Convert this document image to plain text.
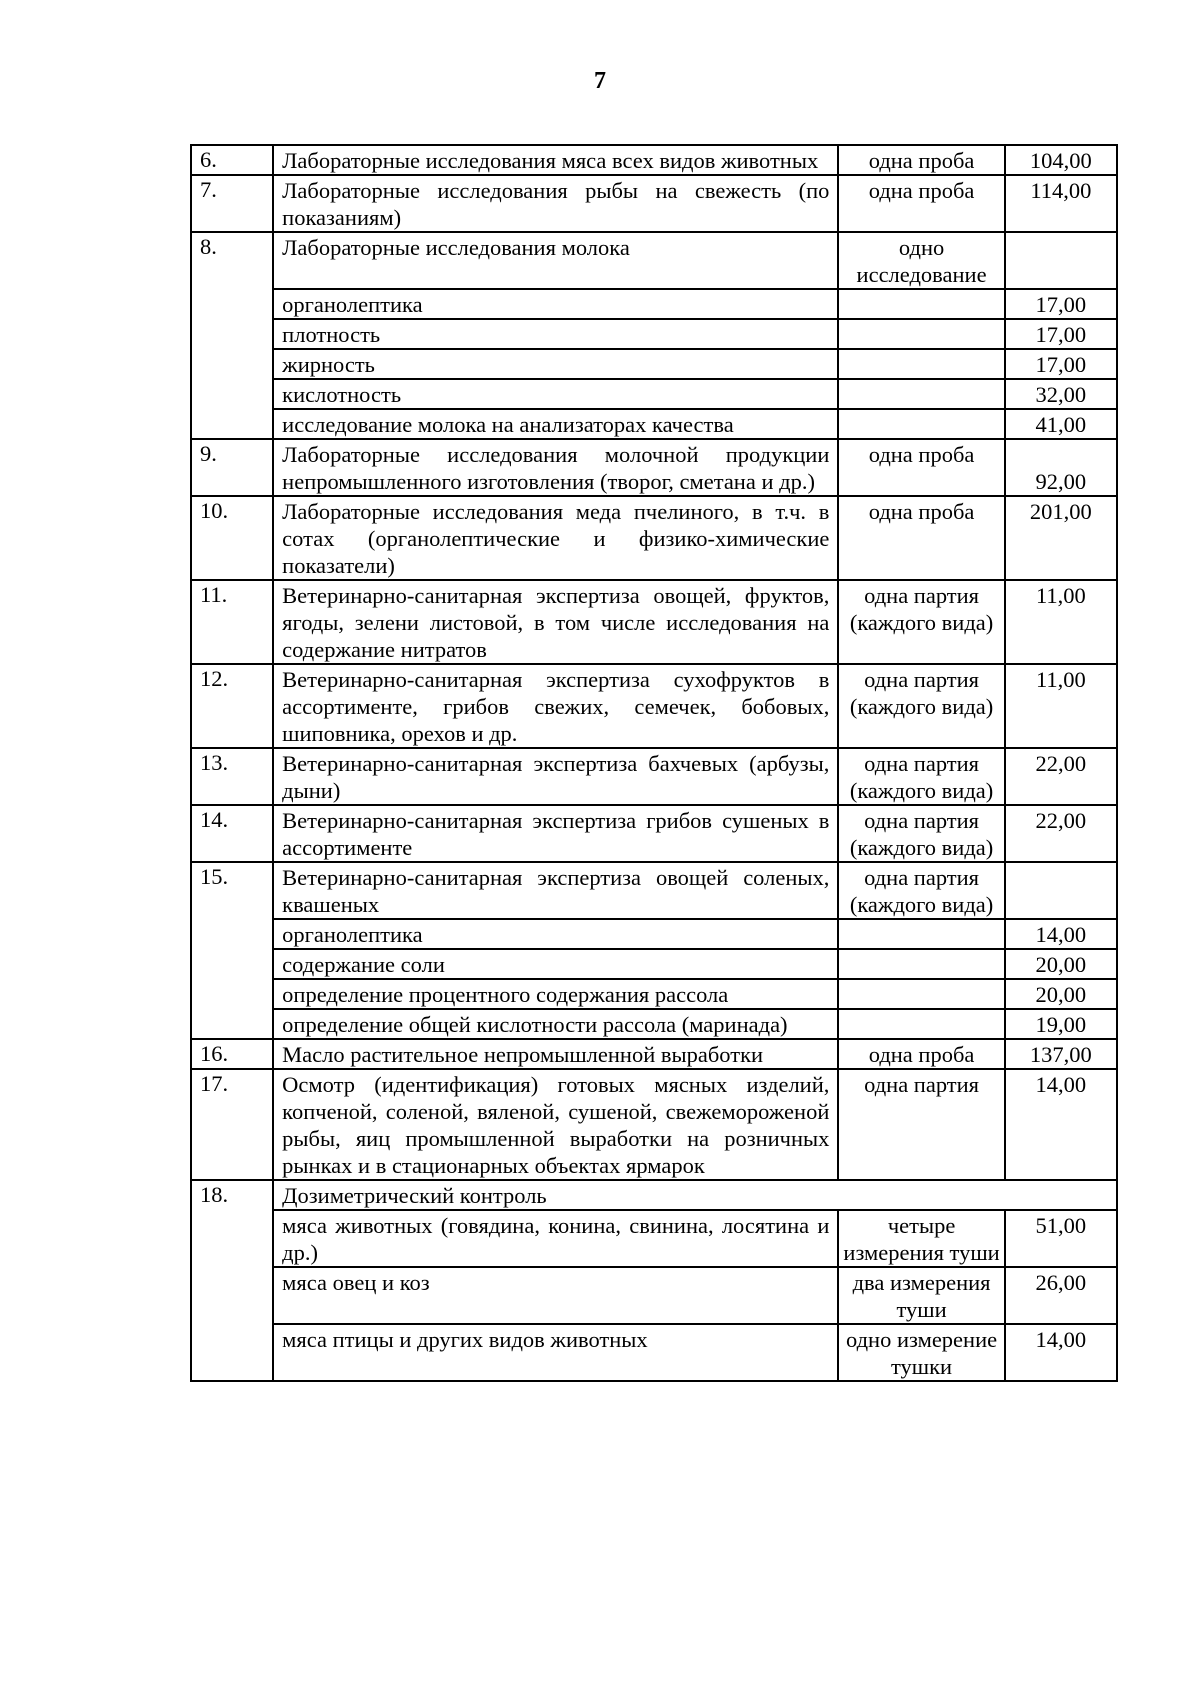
7
6.	Лабораторные исследования мяса всех видов животных	одна проба	104,00
7.	Лабораторные исследования рыбы на свежесть (по показаниям)	одна проба	114,00
8.	Лабораторные исследования молока	одно исследование	
	органолептика		17,00
	плотность		17,00
	жирность		17,00
	кислотность		32,00
	исследование молока на анализаторах качества		41,00
9.	Лабораторные исследования молочной продукции непромышленного изготовления (творог, сметана и др.)	одна проба	92,00
10.	Лабораторные исследования меда пчелиного, в т.ч. в сотах (органолептические и физико-химические показатели)	одна проба	201,00
11.	Ветеринарно-санитарная экспертиза овощей, фруктов, ягоды, зелени листовой, в том числе исследования на содержание нитратов	одна партия (каждого вида)	11,00
12.	Ветеринарно-санитарная экспертиза сухофруктов в ассортименте, грибов свежих, семечек, бобовых, шиповника, орехов и др.	одна партия (каждого вида)	11,00
13.	Ветеринарно-санитарная экспертиза бахчевых (арбузы, дыни)	одна партия (каждого вида)	22,00
14.	Ветеринарно-санитарная экспертиза грибов сушеных в ассортименте	одна партия (каждого вида)	22,00
15.	Ветеринарно-санитарная экспертиза овощей соленых, квашеных	одна партия (каждого вида)	
	органолептика		14,00
	содержание соли		20,00
	определение процентного содержания рассола		20,00
	определение общей кислотности рассола (маринада)		19,00
16.	Масло растительное непромышленной выработки	одна проба	137,00
17.	Осмотр (идентификация) готовых мясных изделий, копченой, соленой, вяленой, сушеной, свежемороженой рыбы, яиц промышленной выработки на розничных рынках и в стационарных объектах ярмарок	одна партия	14,00
18.	Дозиметрический контроль		
	мяса животных (говядина, конина, свинина, лосятина и др.)	четыре измерения туши	51,00
	мяса овец и коз	два измерения туши	26,00
	мяса птицы и других видов животных	одно измерение тушки	14,00
